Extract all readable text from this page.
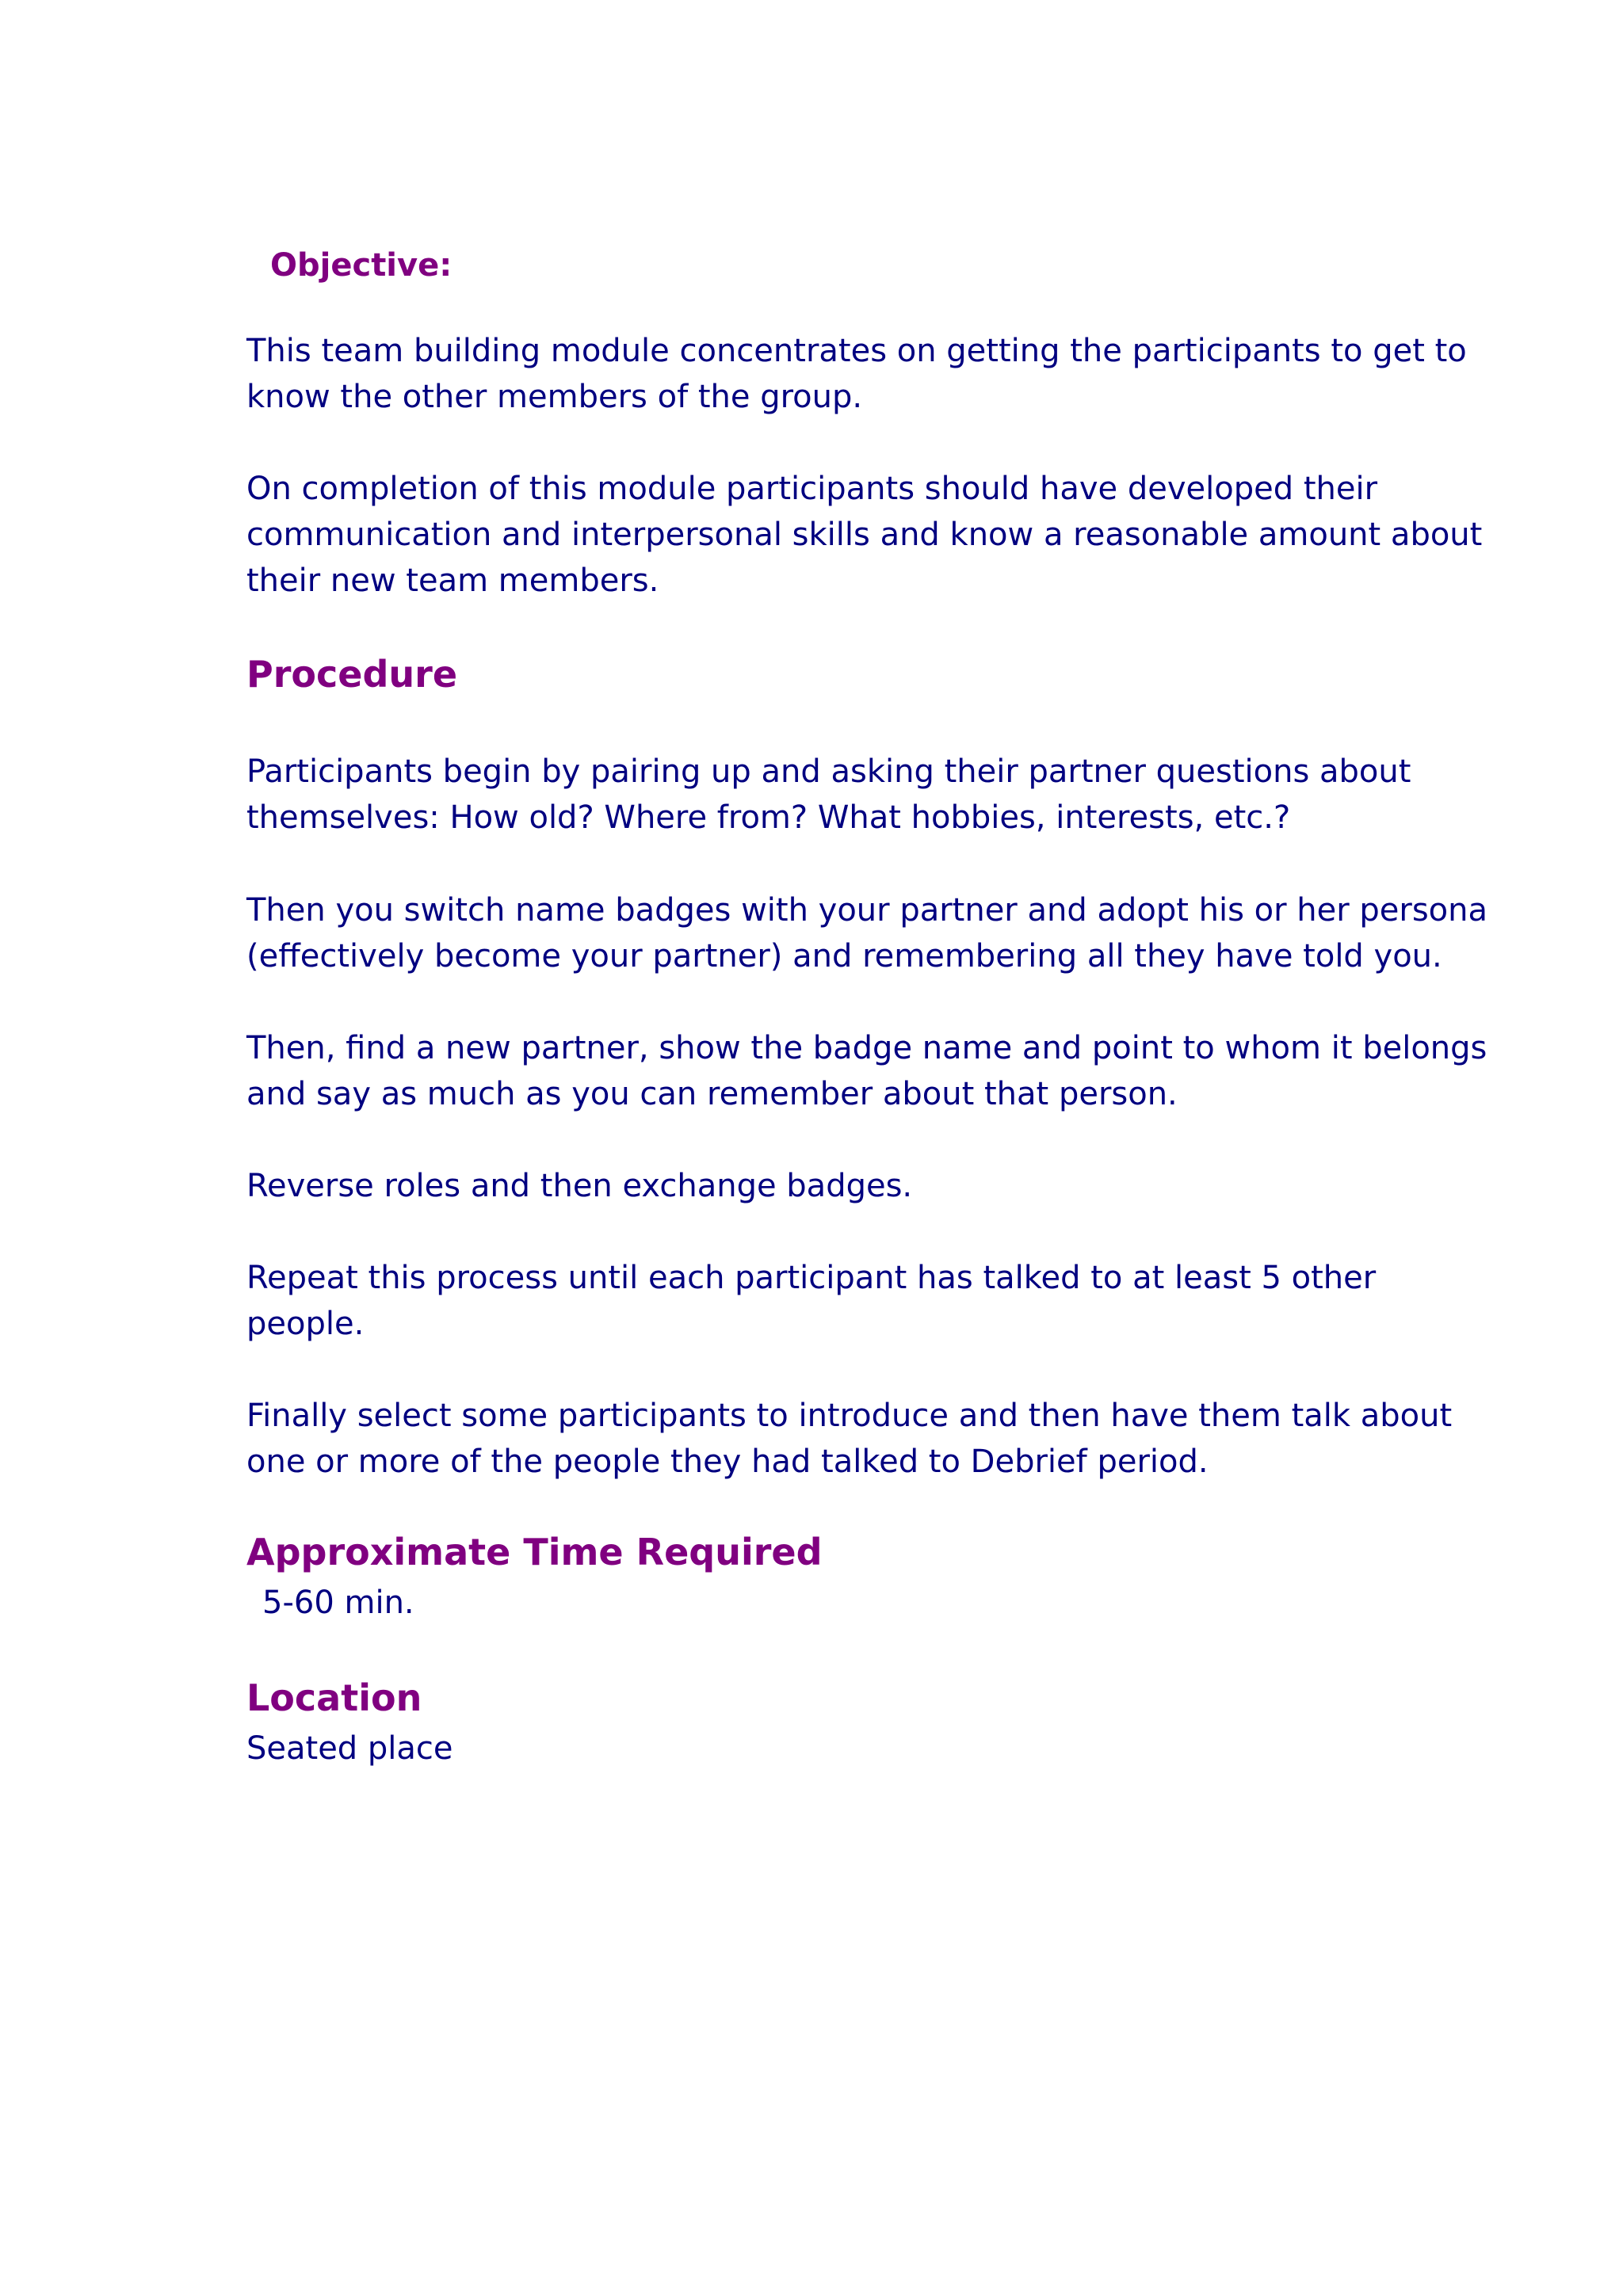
Objective:

This team building module concentrates on getting the participants to get to
know the other members of the group.

On completion of this module participants should have developed their
communication and interpersonal skills and know a reasonable amount about
their new team members.

Procedure

Participants begin by pairing up and asking their partner questions about
themselves: How old? Where from? What hobbies, interests, etc.?

Then you switch name badges with your partner and adopt his or her persona
(effectively become your partner) and remembering all they have told you.

Then, find a new partner, show the badge name and point to whom it belongs
and say as much as you can remember about that person.

Reverse roles and then exchange badges.

Repeat this process until each participant has talked to at least 5 other
people.

Finally select some participants to introduce and then have them talk about
one or more of the people they had talked to Debrief period.

Approximate Time Required

5-60 min.

Location

Seated place
